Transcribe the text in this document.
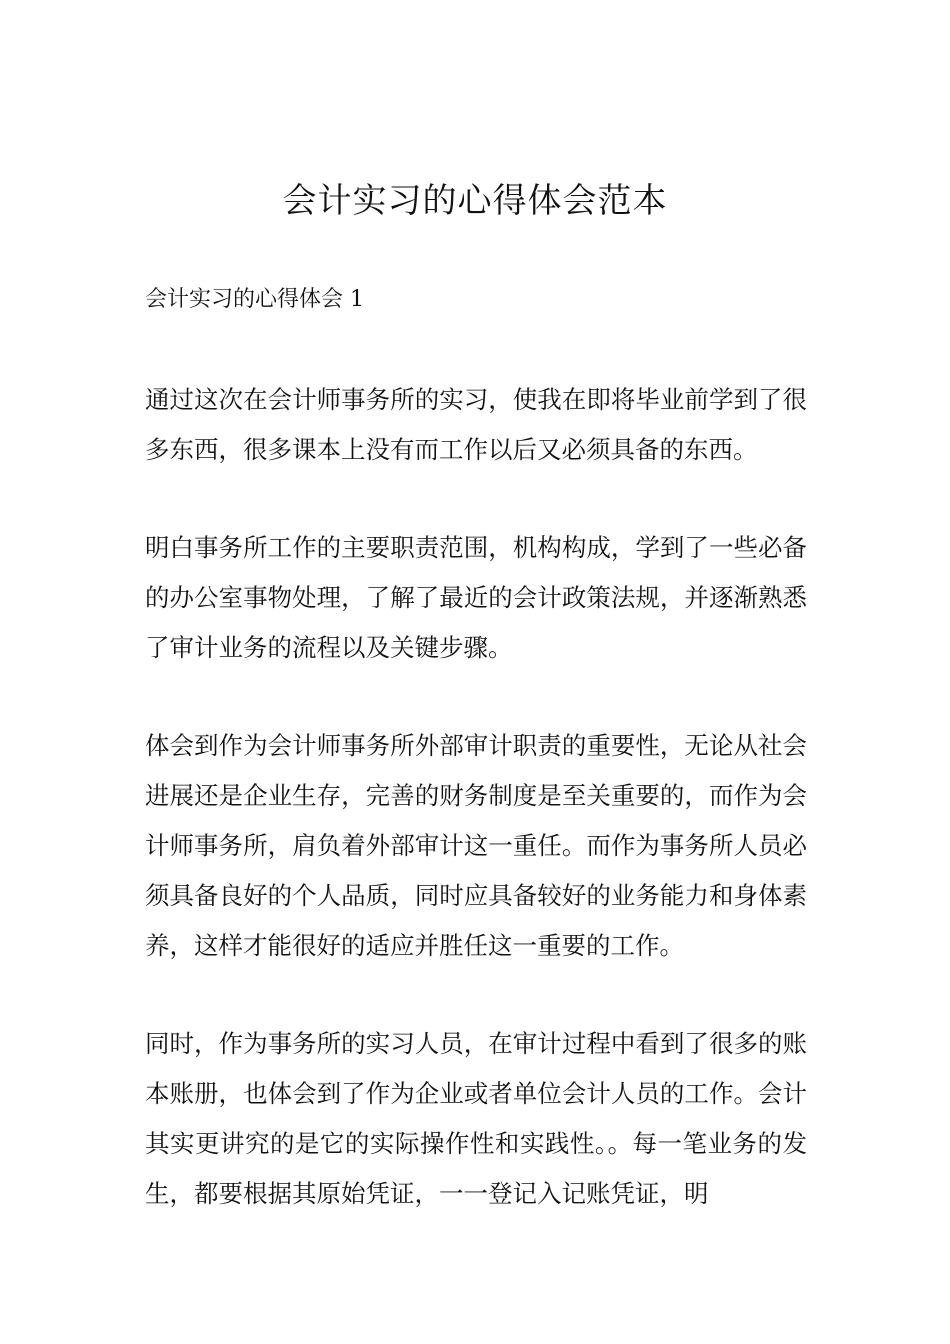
会计实习的心得体会范本
会计实习的心得体会 1

通过这次在会计师事务所的实习，使我在即将毕业前学到了很多东西，很多课本上没有而工作以后又必须具备的东西。

明白事务所工作的主要职责范围，机构构成，学到了一些必备的办公室事物处理，了解了最近的会计政策法规，并逐渐熟悉了审计业务的流程以及关键步骤。

体会到作为会计师事务所外部审计职责的重要性，无论从社会进展还是企业生存，完善的财务制度是至关重要的，而作为会计师事务所，肩负着外部审计这一重任。而作为事务所人员必须具备良好的个人品质，同时应具备较好的业务能力和身体素养，这样才能很好的适应并胜任这一重要的工作。

同时，作为事务所的实习人员，在审计过程中看到了很多的账本账册，也体会到了作为企业或者单位会计人员的工作。会计其实更讲究的是它的实际操作性和实践性。。每一笔业务的发生，都要根据其原始凭证，一一登记入记账凭证，明
